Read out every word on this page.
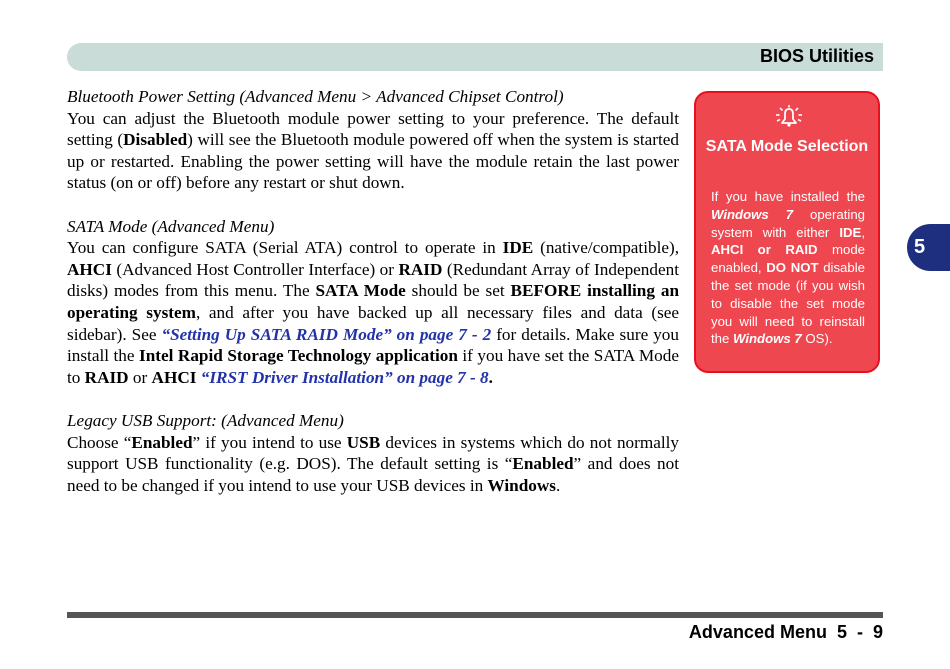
BIOS Utilities
5
Bluetooth Power Setting (Advanced Menu > Advanced Chipset Control)
You can adjust the Bluetooth module power setting to your preference. The default setting (Disabled) will see the Bluetooth module powered off when the system is started up or restarted. Enabling the power setting will have the module retain the last power status (on or off) before any restart or shut down.
SATA Mode (Advanced Menu)
You can configure SATA (Serial ATA) control to operate in IDE (native/compatible), AHCI (Advanced Host Controller Interface) or RAID (Redundant Array of Independent disks) modes from this menu. The SATA Mode should be set BEFORE installing an operating system, and after you have backed up all necessary files and data (see sidebar). See “Setting Up SATA RAID Mode” on page 7 - 2 for details. Make sure you install the Intel Rapid Storage Technology application if you have set the SATA Mode to RAID or AHCI “IRST Driver Installation” on page 7 - 8.
Legacy USB Support: (Advanced Menu)
Choose “Enabled” if you intend to use USB devices in systems which do not normally support USB functionality (e.g. DOS). The default setting is “Enabled” and does not need to be changed if you intend to use your USB devices in Windows.
SATA Mode Selection
If you have installed the Windows 7 operating system with either IDE, AHCI or RAID mode enabled, DO NOT disable the set mode (if you wish to disable the set mode you will need to reinstall the Windows 7 OS).
Advanced Menu 5  -  9
